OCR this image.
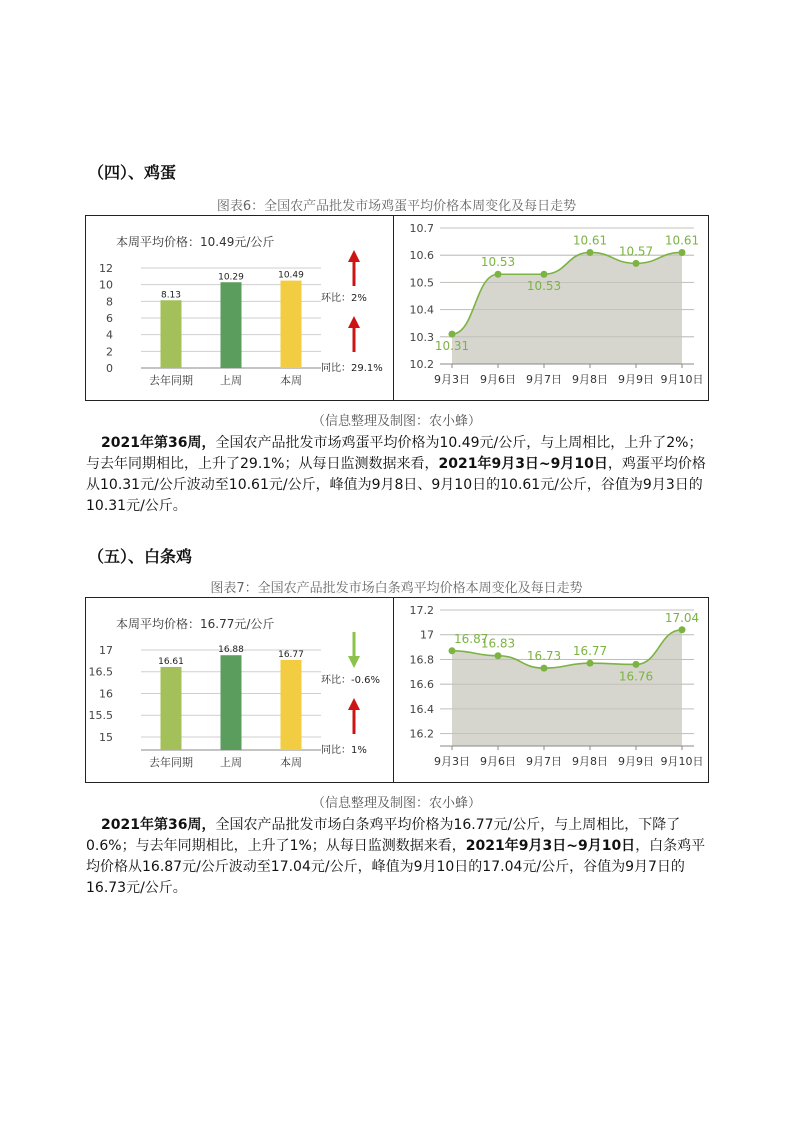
（四）、鸡蛋
图表6：全国农产品批发市场鸡蛋平均价格本周变化及每日走势
本周平均价格：10.49元/公斤
0
2
4
6
8
10
12
8.13
去年同期
10.29
上周
10.49
本周
环比：2%
同比：29.1% 10.2
10.3
10.4
10.5
10.6
10.7
10.31
9月3日
10.53
9月6日
10.53
9月7日
10.61
9月8日
10.57
9月9日
10.61
9月10日
（信息整理及制图：农小蜂）
2021年第36周，全国农产品批发市场鸡蛋平均价格为10.49元/公斤，与上周相比，上升了2%；与去年同期相比，上升了29.1%；从每日监测数据来看，2021年9月3日~9月10日，鸡蛋平均价格从10.31元/公斤波动至10.61元/公斤，峰值为9月8日、9月10日的10.61元/公斤，谷值为9月3日的10.31元/公斤。
（五）、白条鸡
图表7：全国农产品批发市场白条鸡平均价格本周变化及每日走势
本周平均价格：16.77元/公斤
15
15.5
16
16.5
17
16.61
去年同期
16.88
上周
16.77
本周
环比：-0.6%
同比：1%
16.2
16.4
16.6
16.8
17
17.2
16.87
9月3日
16.83
9月6日
16.73
9月7日
16.77
9月8日
16.76
9月9日
17.04
9月10日
（信息整理及制图：农小蜂）
2021年第36周，全国农产品批发市场白条鸡平均价格为16.77元/公斤，与上周相比，下降了0.6%；与去年同期相比，上升了1%；从每日监测数据来看，2021年9月3日~9月10日，白条鸡平均价格从16.87元/公斤波动至17.04元/公斤，峰值为9月10日的17.04元/公斤，谷值为9月7日的16.73元/公斤。
